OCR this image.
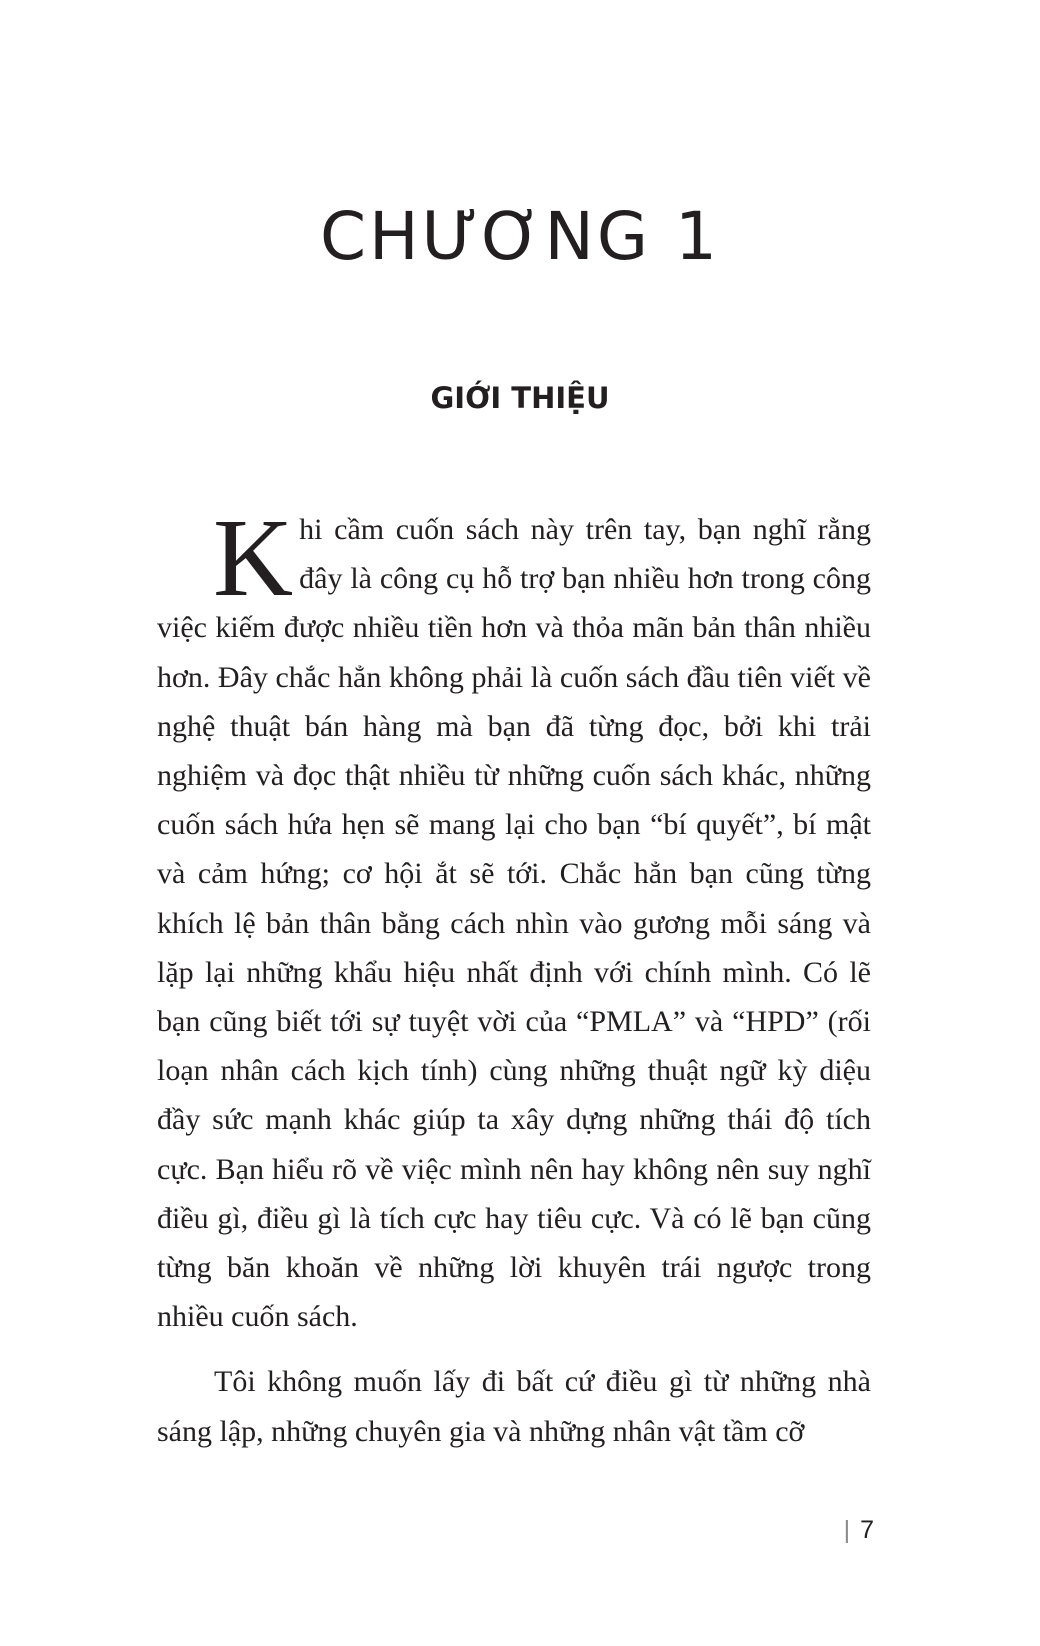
CHƯƠNG 1
GIỚI THIỆU

Khi cầm cuốn sách này trên tay, bạn nghĩ rằng đây là công cụ hỗ trợ bạn nhiều hơn trong công việc kiếm được nhiều tiền hơn và thỏa mãn bản thân nhiều hơn. Đây chắc hẳn không phải là cuốn sách đầu tiên viết về nghệ thuật bán hàng mà bạn đã từng đọc, bởi khi trải nghiệm và đọc thật nhiều từ những cuốn sách khác, những cuốn sách hứa hẹn sẽ mang lại cho bạn “bí quyết”, bí mật và cảm hứng; cơ hội ắt sẽ tới. Chắc hẳn bạn cũng từng khích lệ bản thân bằng cách nhìn vào gương mỗi sáng và lặp lại những khẩu hiệu nhất định với chính mình. Có lẽ bạn cũng biết tới sự tuyệt vời của “PMLA” và “HPD” (rối loạn nhân cách kịch tính) cùng những thuật ngữ kỳ diệu đầy sức mạnh khác giúp ta xây dựng những thái độ tích cực. Bạn hiểu rõ về việc mình nên hay không nên suy nghĩ điều gì, điều gì là tích cực hay tiêu cực. Và có lẽ bạn cũng từng băn khoăn về những lời khuyên trái ngược trong nhiều cuốn sách.

Tôi không muốn lấy đi bất cứ điều gì từ những nhà sáng lập, những chuyên gia và những nhân vật tầm cỡ

| 7
